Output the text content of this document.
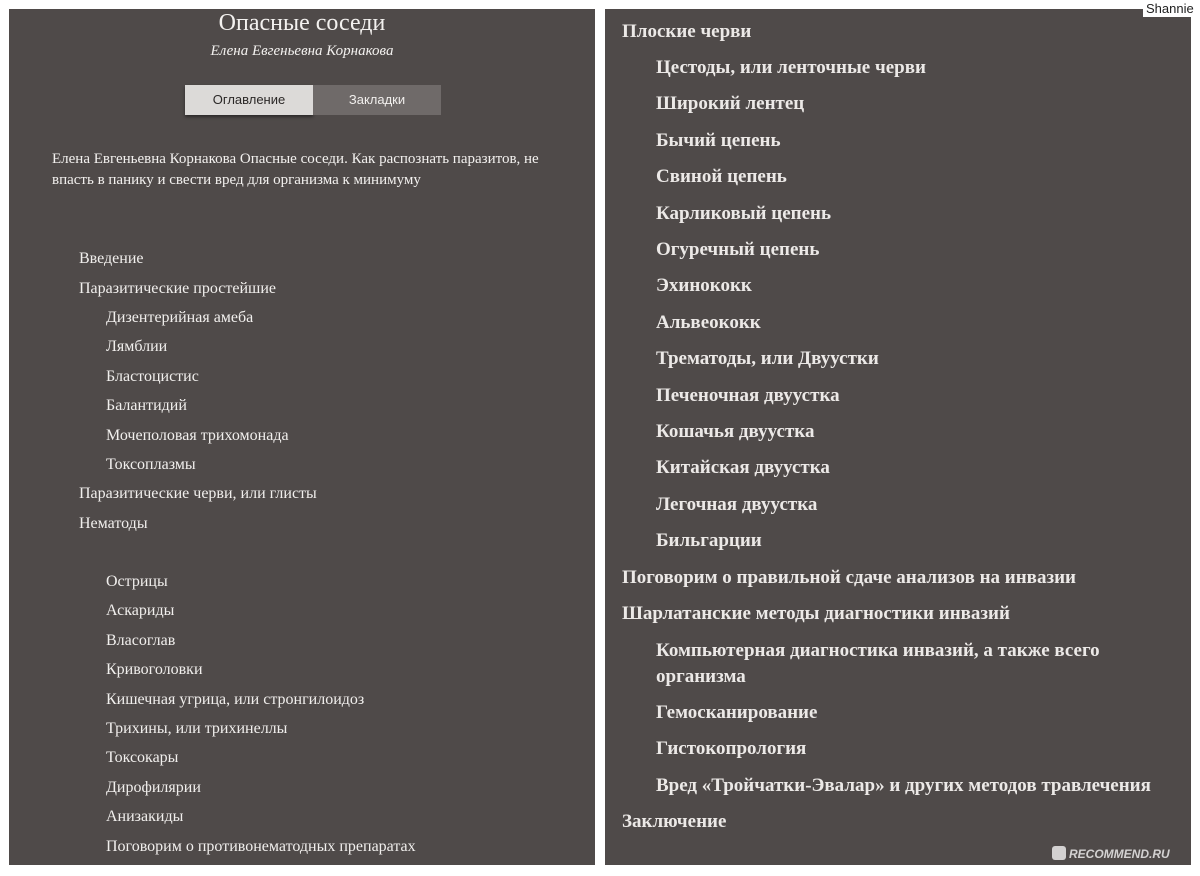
Опасные соседи
Елена Евгеньевна Корнакова
Оглавление	Закладки
Елена Евгеньевна Корнакова Опасные соседи. Как распознать паразитов, не впасть в панику и свести вред для организма к минимуму
Введение
Паразитические простейшие
Дизентерийная амеба
Лямблии
Бластоцистис
Балантидий
Мочеполовая трихомонада
Токсоплазмы
Паразитические черви, или глисты
Нематоды
Острицы
Аскариды
Власоглав
Кривоголовки
Кишечная угрица, или стронгилоидоз
Трихины, или трихинеллы
Токсокары
Дирофилярии
Анизакиды
Поговорим о противонематодных препаратах
Плоские черви
Цестоды, или ленточные черви
Широкий лентец
Бычий цепень
Свиной цепень
Карликовый цепень
Огуречный цепень
Эхинококк
Альвеококк
Трематоды, или Двуустки
Печеночная двуустка
Кошачья двуустка
Китайская двуустка
Легочная двуустка
Бильгарции
Поговорим о правильной сдаче анализов на инвазии
Шарлатанские методы диагностики инвазий
Компьютерная диагностика инвазий, а также всего организма
Гемосканирование
Гистокопрология
Вред «Тройчатки-Эвалар» и других методов травлечения
Заключение
Shannie
RECOMMEND.RU
